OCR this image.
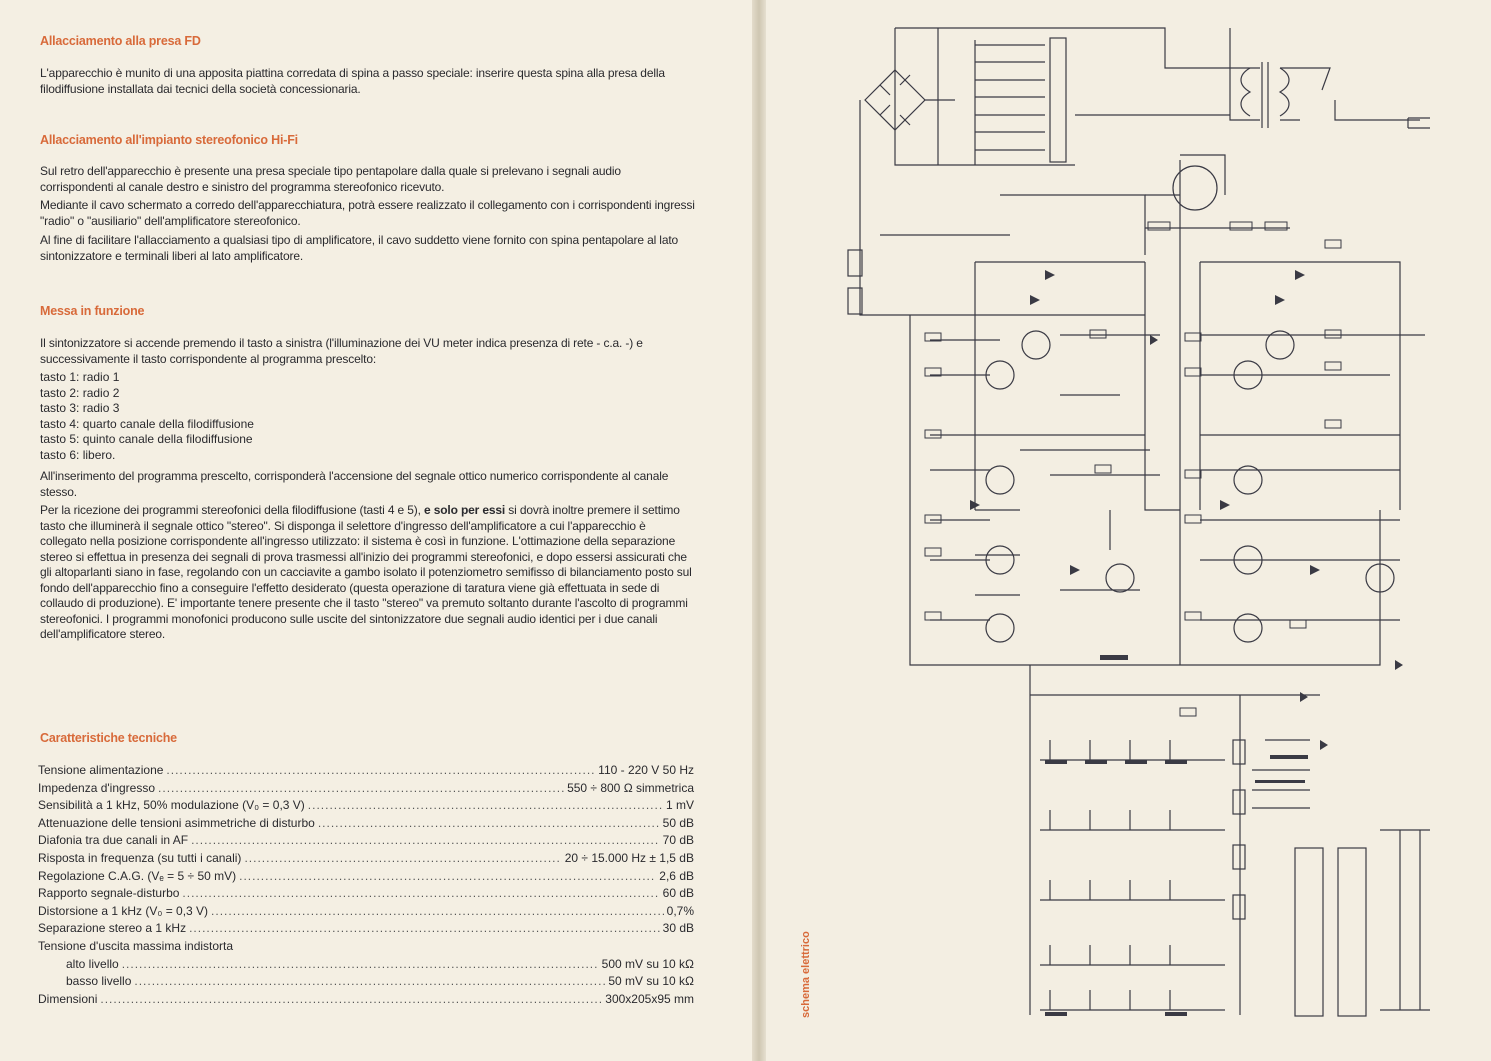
Allacciamento alla presa FD

L'apparecchio è munito di una apposita piattina corredata di spina a passo speciale: inserire questa spina alla presa della filodiffusione installata dai tecnici della società concessionaria.

Allacciamento all'impianto stereofonico Hi-Fi

Sul retro dell'apparecchio è presente una presa speciale tipo pentapolare dalla quale si prelevano i segnali audio corrispondenti al canale destro e sinistro del programma stereofonico ricevuto.

Mediante il cavo schermato a corredo dell'apparecchiatura, potrà essere realizzato il collegamento con i corrispondenti ingressi "radio" o "ausiliario" dell'amplificatore stereofonico.

Al fine di facilitare l'allacciamento a qualsiasi tipo di amplificatore, il cavo suddetto viene fornito con spina pentapolare al lato sintonizzatore e terminali liberi al lato amplificatore.

Messa in funzione

Il sintonizzatore si accende premendo il tasto a sinistra (l'illuminazione dei VU meter indica presenza di rete - c.a. -) e successivamente il tasto corrispondente al programma prescelto:

tasto 1: radio 1
tasto 2: radio 2
tasto 3: radio 3
tasto 4: quarto canale della filodiffusione
tasto 5: quinto canale della filodiffusione
tasto 6: libero.

All'inserimento del programma prescelto, corrisponderà l'accensione del segnale ottico numerico corrispondente al canale stesso.

Per la ricezione dei programmi stereofonici della filodiffusione (tasti 4 e 5), e solo per essi si dovrà inoltre premere il settimo tasto che illuminerà il segnale ottico "stereo". Si disponga il selettore d'ingresso dell'amplificatore a cui l'apparecchio è collegato nella posizione corrispondente all'ingresso utilizzato: il sistema è così in funzione. L'ottimazione della separazione stereo si effettua in presenza dei segnali di prova trasmessi all'inizio dei programmi stereofonici, e dopo essersi assicurati che gli altoparlanti siano in fase, regolando con un cacciavite a gambo isolato il potenziometro semifisso di bilanciamento posto sul fondo dell'apparecchio fino a conseguire l'effetto desiderato (questa operazione di taratura viene già effettuata in sede di collaudo di produzione). E' importante tenere presente che il tasto "stereo" va premuto soltanto durante l'ascolto di programmi stereofonici. I programmi monofonici producono sulle uscite del sintonizzatore due segnali audio identici per i due canali dell'amplificatore stereo.

Caratteristiche tecniche
Tensione alimentazione .....	110 - 220 V 50 Hz
Impedenza d'ingresso .....	550 ÷ 800 Ω simmetrica
Sensibilità a 1 kHz, 50% modulazione (V₀ = 0,3 V) .....	1 mV
Attenuazione delle tensioni asimmetriche di disturbo .....	50 dB
Diafonia tra due canali in AF .....	70 dB
Risposta in frequenza (su tutti i canali) .....	20 ÷ 15.000 Hz ± 1,5 dB
Regolazione C.A.G. (Vₑ = 5 ÷ 50 mV) .....	2,6 dB
Rapporto segnale-disturbo .....	60 dB
Distorsione a 1 kHz (V₀ = 0,3 V) .....	0,7%
Separazione stereo a 1 kHz .....	30 dB
Tensione d'uscita massima indistorta
alto livello .....	500 mV su 10 kΩ
basso livello .....	50 mV su 10 kΩ
Dimensioni .....	300x205x95 mm	schema elettrico
